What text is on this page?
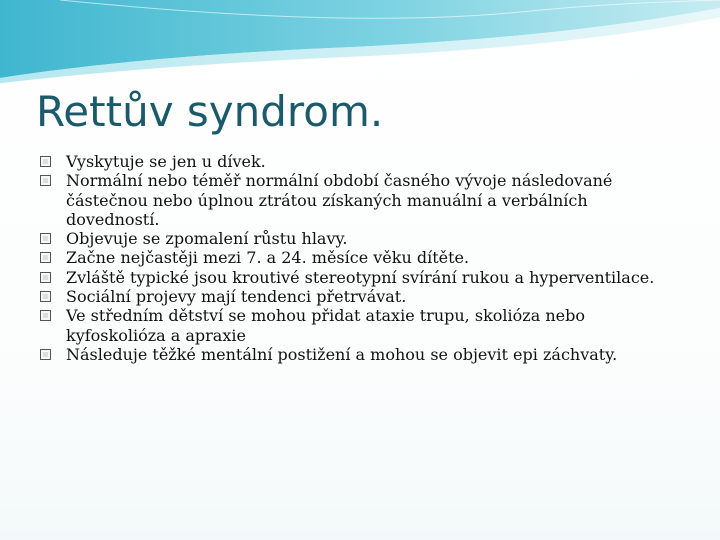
Rettův syndrom.
Vyskytuje se jen u dívek.
Normální nebo téměř normální období časného vývoje následované částečnou nebo úplnou ztrátou získaných manuální a verbálních dovedností.
Objevuje se zpomalení růstu hlavy.
Začne nejčastěji mezi 7. a 24. měsíce věku dítěte.
Zvláště typické jsou kroutivé stereotypní svírání rukou a hyperventilace.
Sociální projevy mají tendenci přetrvávat.
Ve středním dětství se mohou přidat ataxie trupu, skolióza nebo kyfoskolióza a apraxie
Následuje těžké mentální postižení a mohou se objevit epi záchvaty.
